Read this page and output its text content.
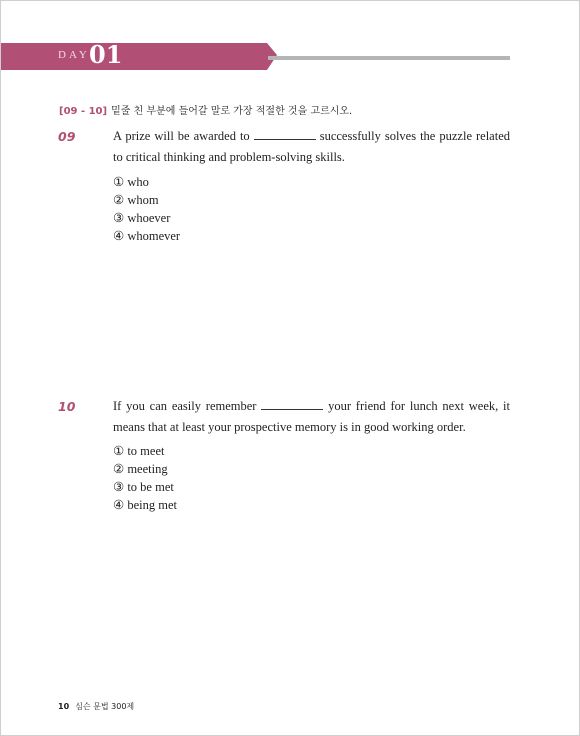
DAY 01
[09 - 10] 밑줄 친 부분에 들어갈 말로 가장 적절한 것을 고르시오.
09	A prize will be awarded to	successfully solves the puzzle related to critical thinking and problem-solving skills.
① who
② whom
③ whoever
④ whomever
10	If you can easily remember	your friend for lunch next week, it means that at least your prospective memory is in good working order.
① to meet
② meeting
③ to be met
④ being met
10 심슨 문법 300제
